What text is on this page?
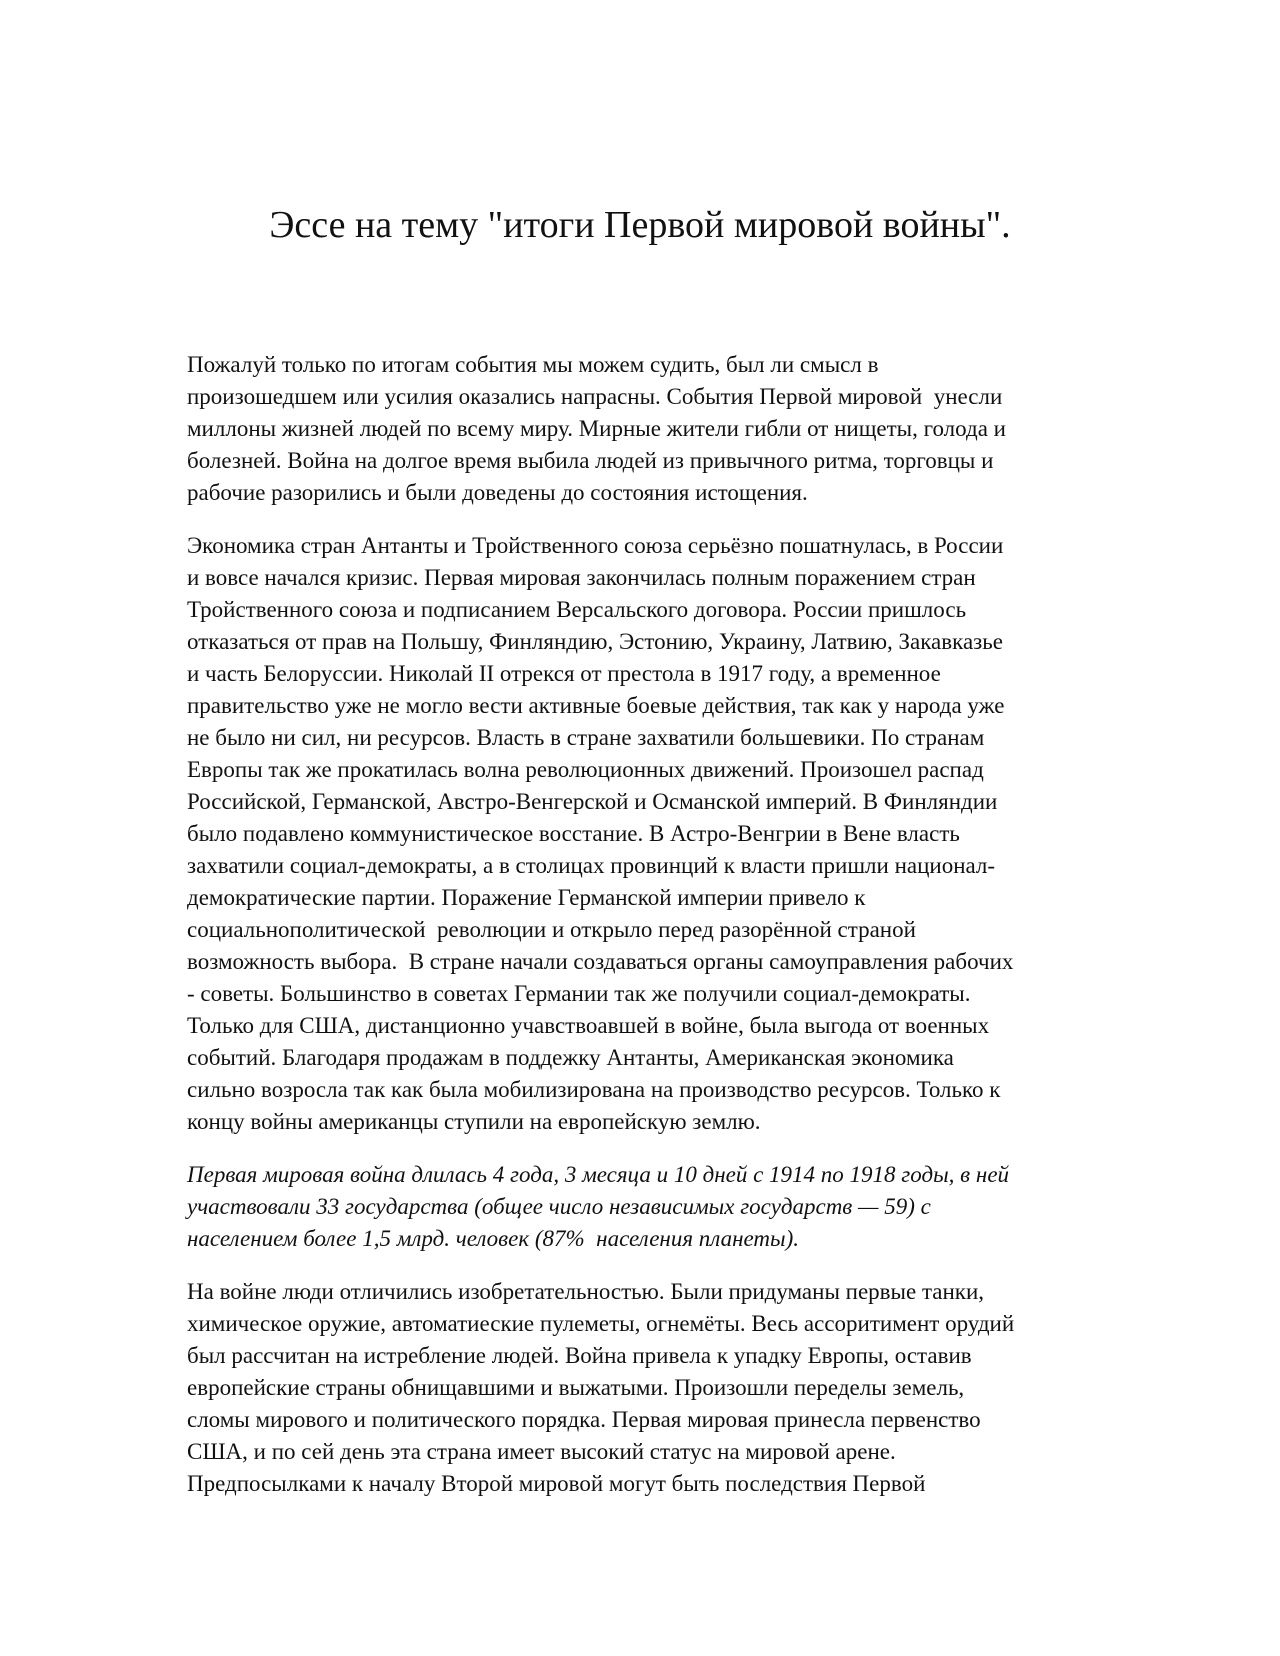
Эссе на тему "итоги Первой мировой войны".

Пожалуй только по итогам события мы можем судить, был ли смысл в
произошедшем или усилия оказались напрасны. События Первой мировой  унесли
миллоны жизней людей по всему миру. Мирные жители гибли от нищеты, голода и
болезней. Война на долгое время выбила людей из привычного ритма, торговцы и
рабочие разорились и были доведены до состояния истощения.

Экономика стран Антанты и Тройственного союза серьёзно пошатнулась, в России
и вовсе начался кризис. Первая мировая закончилась полным поражением стран
Тройственного союза и подписанием Версальского договора. России пришлось
отказаться от прав на Польшу, Финляндию, Эстонию, Украину, Латвию, Закавказье
и часть Белоруссии. Николай II отрекся от престола в 1917 году, а временное
правительство уже не могло вести активные боевые действия, так как у народа уже
не было ни сил, ни ресурсов. Власть в стране захватили большевики. По странам
Европы так же прокатилась волна революционных движений. Произошел распад
Российской, Германской, Австро-Венгерской и Османской империй. В Финляндии
было подавлено коммунистическое восстание. В Астро-Венгрии в Вене власть
захватили социал-демократы, а в столицах провинций к власти пришли национал-
демократические партии. Поражение Германской империи привело к
социальнополитической  революции и открыло перед разорённой страной
возможность выбора.  В стране начали создаваться органы самоуправления рабочих
- советы. Большинство в советах Германии так же получили социал-демократы.
Только для США, дистанционно учавствоавшей в войне, была выгода от военных
событий. Благодаря продажам в поддежку Антанты, Американская экономика
сильно возросла так как была мобилизирована на производство ресурсов. Только к
концу войны американцы ступили на европейскую землю.

Первая мировая война длилась 4 года, 3 месяца и 10 дней с 1914 по 1918 годы, в ней
участвовали 33 государства (общее число независимых государств — 59) с
населением более 1,5 млрд. человек (87%  населения планеты).

На войне люди отличились изобретательностью. Были придуманы первые танки,
химическое оружие, автоматиеские пулеметы, огнемёты. Весь ассоритимент орудий
был рассчитан на истребление людей. Война привела к упадку Европы, оставив
европейские страны обнищавшими и выжатыми. Произошли переделы земель,
сломы мирового и политического порядка. Первая мировая принесла первенство
США, и по сей день эта страна имеет высокий статус на мировой арене.
Предпосылками к началу Второй мировой могут быть последствия Первой
